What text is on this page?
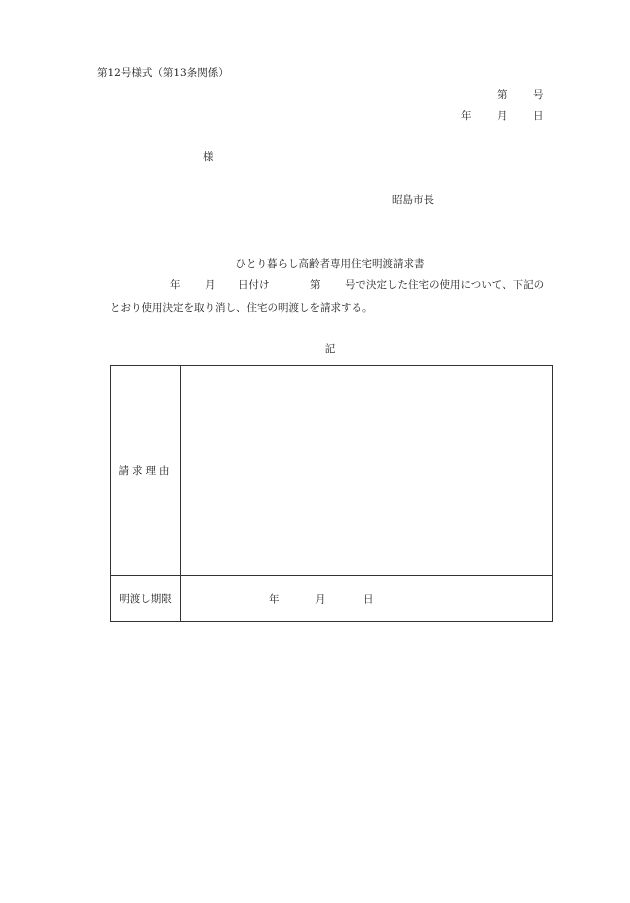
第12号様式（第13条関係）
第 号
年 月 日
様
昭島市長
ひとり暮らし高齢者専用住宅明渡請求書
年 月 日付け	第 号で決定した住宅の使用について、下記の
とおり使用決定を取り消し、住宅の明渡しを請求する。
記
請求理由	
明渡し期限	年 月 日
